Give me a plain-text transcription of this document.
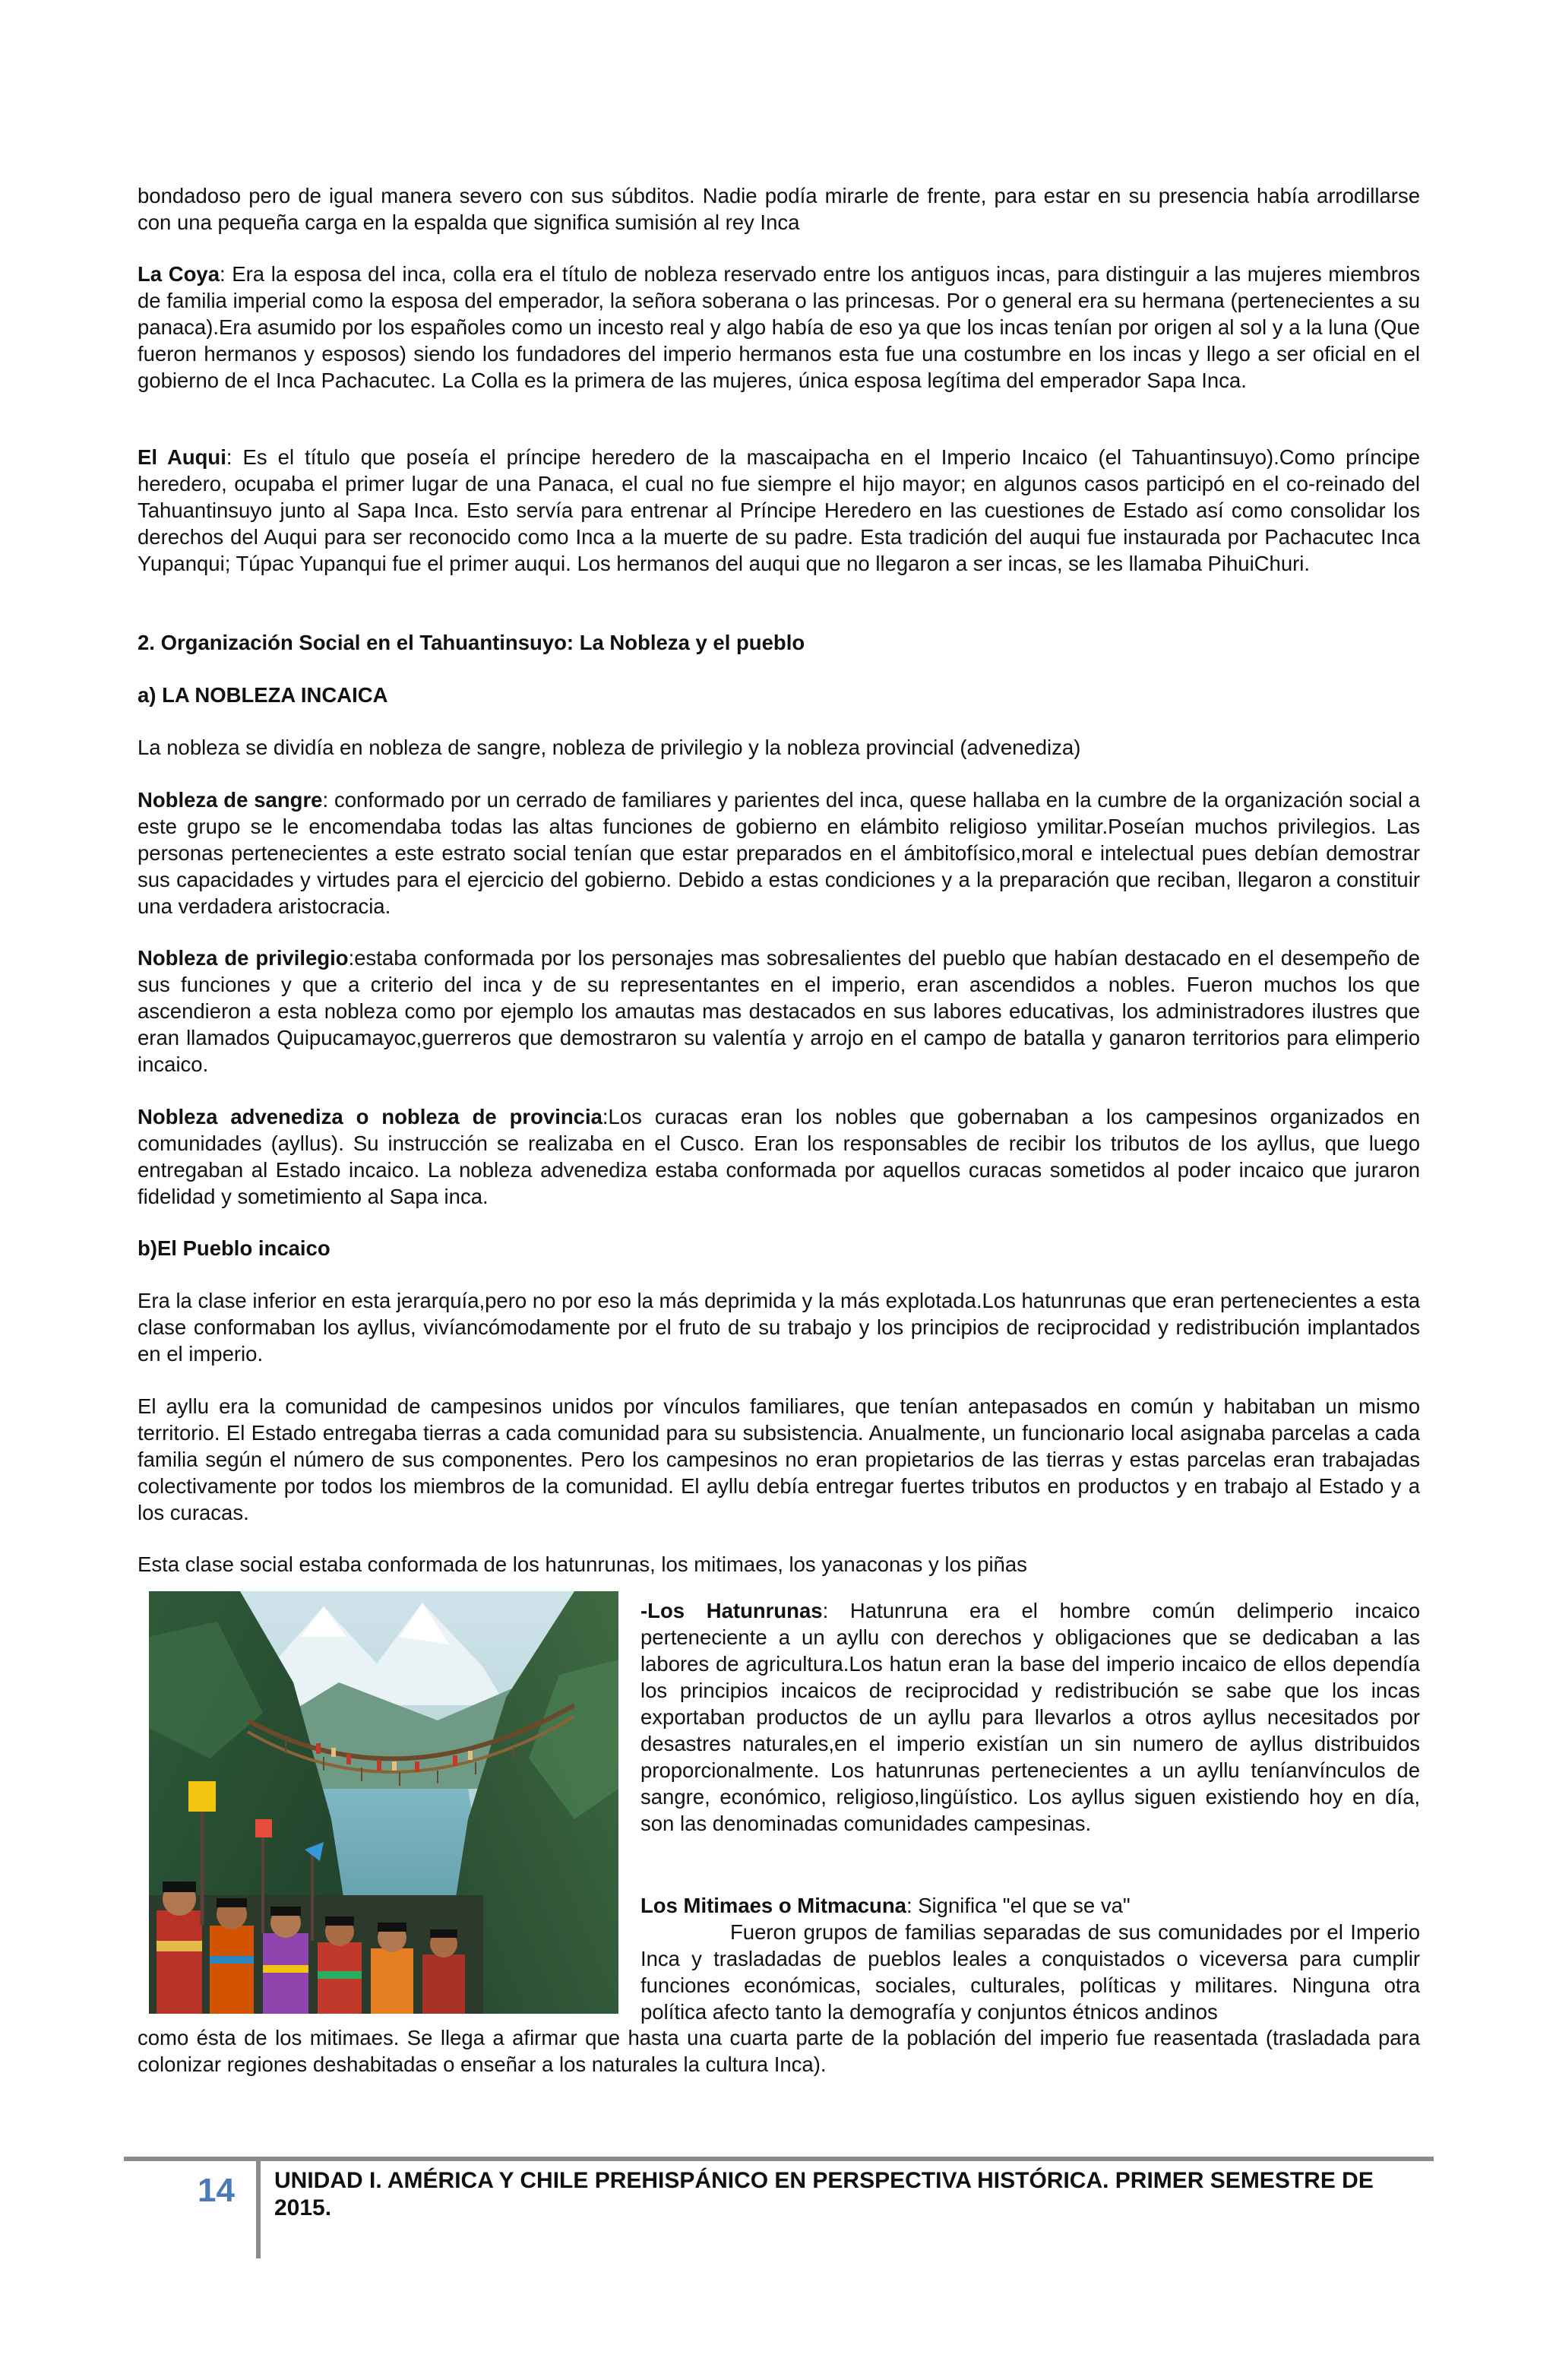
bondadoso pero de igual manera severo con sus súbditos. Nadie podía mirarle de frente, para estar en su presencia había arrodillarse con una pequeña carga en la espalda que significa sumisión al rey Inca

La Coya: Era la esposa del inca, colla era el título de nobleza reservado entre los antiguos incas, para distinguir a las mujeres miembros de familia imperial como la esposa del emperador, la señora soberana o las princesas. Por o general era su hermana (pertenecientes a su panaca).Era asumido por los españoles como un incesto real y algo había de eso ya que los incas tenían por origen al sol y a la luna (Que fueron hermanos y esposos) siendo los fundadores del imperio hermanos esta fue una costumbre en los incas y llego a ser oficial en el gobierno de el Inca Pachacutec. La Colla es la primera de las mujeres, única esposa legítima del emperador Sapa Inca.

El Auqui: Es el título que poseía el príncipe heredero de la mascaipacha en el Imperio Incaico (el Tahuantinsuyo).Como príncipe heredero, ocupaba el primer lugar de una Panaca, el cual no fue siempre el hijo mayor; en algunos casos participó en el co-reinado del Tahuantinsuyo junto al Sapa Inca. Esto servía para entrenar al Príncipe Heredero en las cuestiones de Estado así como consolidar los derechos del Auqui para ser reconocido como Inca a la muerte de su padre. Esta tradición del auqui fue instaurada por Pachacutec Inca Yupanqui; Túpac Yupanqui fue el primer auqui. Los hermanos del auqui que no llegaron a ser incas, se les llamaba PihuiChuri.

2. Organización Social en el Tahuantinsuyo: La Nobleza y el pueblo

a) LA NOBLEZA INCAICA

La nobleza se dividía en nobleza de sangre, nobleza de privilegio y la nobleza provincial (advenediza)

Nobleza de sangre: conformado por un cerrado de familiares y parientes del inca, quese hallaba en la cumbre de la organización social a este grupo se le encomendaba todas las altas funciones de gobierno en elámbito religioso ymilitar.Poseían muchos privilegios. Las personas pertenecientes a este estrato social tenían que estar preparados en el ámbitofísico,moral e intelectual pues debían demostrar sus capacidades y virtudes para el ejercicio del gobierno. Debido a estas condiciones y a la preparación que reciban, llegaron a constituir una verdadera aristocracia.

Nobleza de privilegio:estaba conformada por los personajes mas sobresalientes del pueblo que habían destacado en el desempeño de sus funciones y que a criterio del inca y de su representantes en el imperio, eran ascendidos a nobles. Fueron muchos los que ascendieron a esta nobleza como por ejemplo los amautas mas destacados en sus labores educativas, los administradores ilustres que eran llamados Quipucamayoc,guerreros que demostraron su valentía y arrojo en el campo de batalla y ganaron territorios para elimperio incaico.

Nobleza advenediza o nobleza de provincia:Los curacas eran los nobles que gobernaban a los campesinos organizados en comunidades (ayllus). Su instrucción se realizaba en el Cusco. Eran los responsables de recibir los tributos de los ayllus, que luego entregaban al Estado incaico. La nobleza advenediza estaba conformada por aquellos curacas sometidos al poder incaico que juraron fidelidad y sometimiento al Sapa inca.

b)El Pueblo incaico

Era la clase inferior en esta jerarquía,pero no por eso la más deprimida y la más explotada.Los hatunrunas que eran pertenecientes a esta clase conformaban los ayllus, vivíancómodamente por el fruto de su trabajo y los principios de reciprocidad y redistribución implantados en el imperio.

El ayllu era la comunidad de campesinos unidos por vínculos familiares, que tenían antepasados en común y habitaban un mismo territorio. El Estado entregaba tierras a cada comunidad para su subsistencia. Anualmente, un funcionario local asignaba parcelas a cada familia según el número de sus componentes. Pero los campesinos no eran propietarios de las tierras y estas parcelas eran trabajadas colectivamente por todos los miembros de la comunidad. El ayllu debía entregar fuertes tributos en productos y en trabajo al Estado y a los curacas.

Esta clase social estaba conformada de los hatunrunas, los mitimaes, los yanaconas y los piñas

-Los Hatunrunas: Hatunruna era el hombre común delimperio incaico perteneciente a un ayllu con derechos y obligaciones que se dedicaban a las labores de agricultura.Los hatun eran la base del imperio incaico de ellos dependía los principios incaicos de reciprocidad y redistribución se sabe que los incas exportaban productos de un ayllu para llevarlos a otros ayllus necesitados por desastres naturales,en el imperio existían un sin numero de ayllus distribuidos proporcionalmente. Los hatunrunas pertenecientes a un ayllu teníanvínculos de sangre, económico, religioso,lingüístico. Los ayllus siguen existiendo hoy en día, son las denominadas comunidades campesinas.

Los Mitimaes o Mitmacuna: Significa "el que se va"
Fueron grupos de familias separadas de sus comunidades por el Imperio Inca y trasladadas de pueblos leales a conquistados o viceversa para cumplir funciones económicas, sociales, culturales, políticas y militares. Ninguna otra política afecto tanto la demografía y conjuntos étnicos andinos

como ésta de los mitimaes. Se llega a afirmar que hasta una cuarta parte de la población del imperio fue reasentada (trasladada para colonizar regiones deshabitadas o enseñar a los naturales la cultura Inca).

14 UNIDAD I. AMÉRICA Y CHILE PREHISPÁNICO EN PERSPECTIVA HISTÓRICA. PRIMER SEMESTRE DE 2015.
